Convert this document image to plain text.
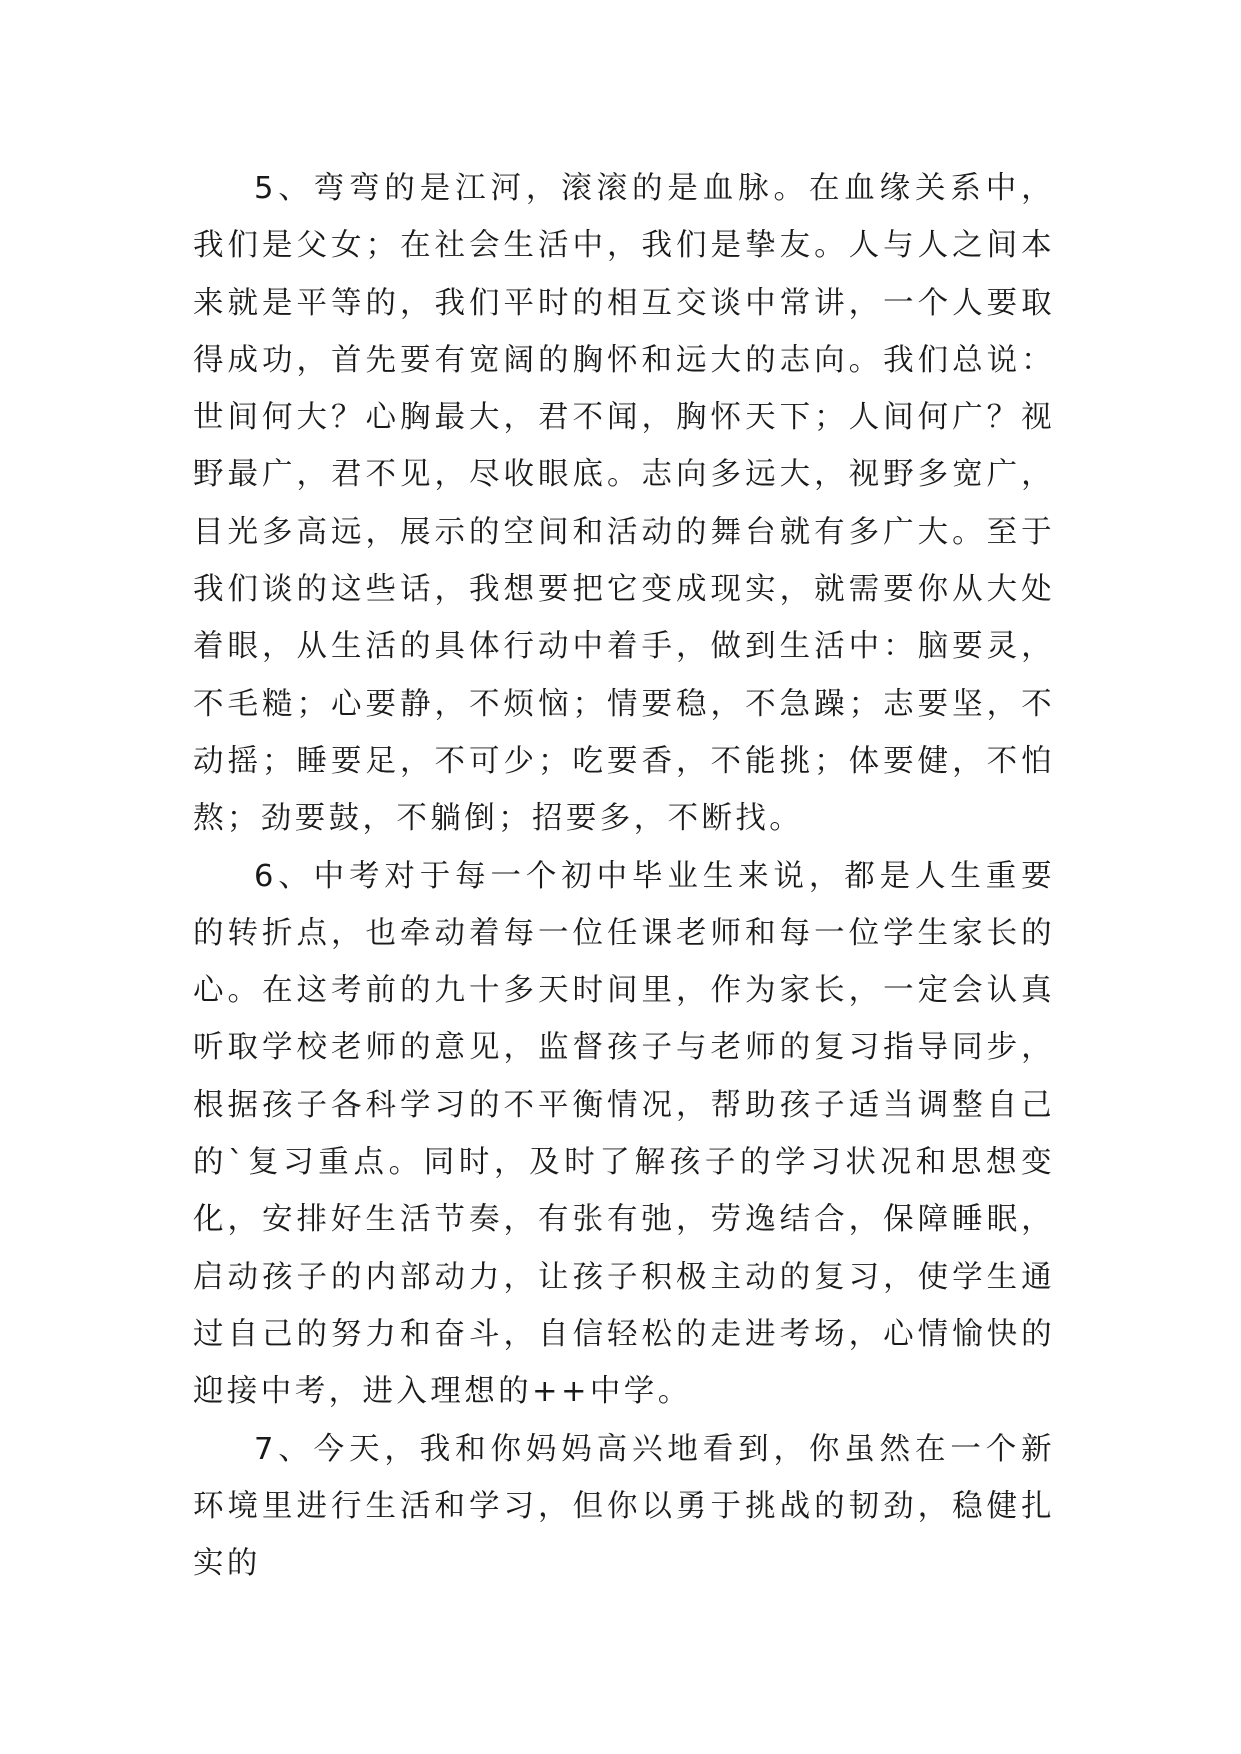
5、弯弯的是江河，滚滚的是血脉。在血缘关系中，我们是父女；在社会生活中，我们是挚友。人与人之间本来就是平等的，我们平时的相互交谈中常讲，一个人要取得成功，首先要有宽阔的胸怀和远大的志向。我们总说：世间何大？心胸最大，君不闻，胸怀天下；人间何广？视野最广，君不见，尽收眼底。志向多远大，视野多宽广，目光多高远，展示的空间和活动的舞台就有多广大。至于我们谈的这些话，我想要把它变成现实，就需要你从大处着眼，从生活的具体行动中着手，做到生活中：脑要灵，不毛糙；心要静，不烦恼；情要稳，不急躁；志要坚，不动摇；睡要足，不可少；吃要香，不能挑；体要健，不怕熬；劲要鼓，不躺倒；招要多，不断找。

6、中考对于每一个初中毕业生来说，都是人生重要的转折点，也牵动着每一位任课老师和每一位学生家长的心。在这考前的九十多天时间里，作为家长，一定会认真听取学校老师的意见，监督孩子与老师的复习指导同步，根据孩子各科学习的不平衡情况，帮助孩子适当调整自己的`复习重点。同时，及时了解孩子的学习状况和思想变化，安排好生活节奏，有张有弛，劳逸结合，保障睡眠，启动孩子的内部动力，让孩子积极主动的复习，使学生通过自己的努力和奋斗，自信轻松的走进考场，心情愉快的迎接中考，进入理想的++中学。

7、今天，我和你妈妈高兴地看到，你虽然在一个新环境里进行生活和学习，但你以勇于挑战的韧劲，稳健扎实的
